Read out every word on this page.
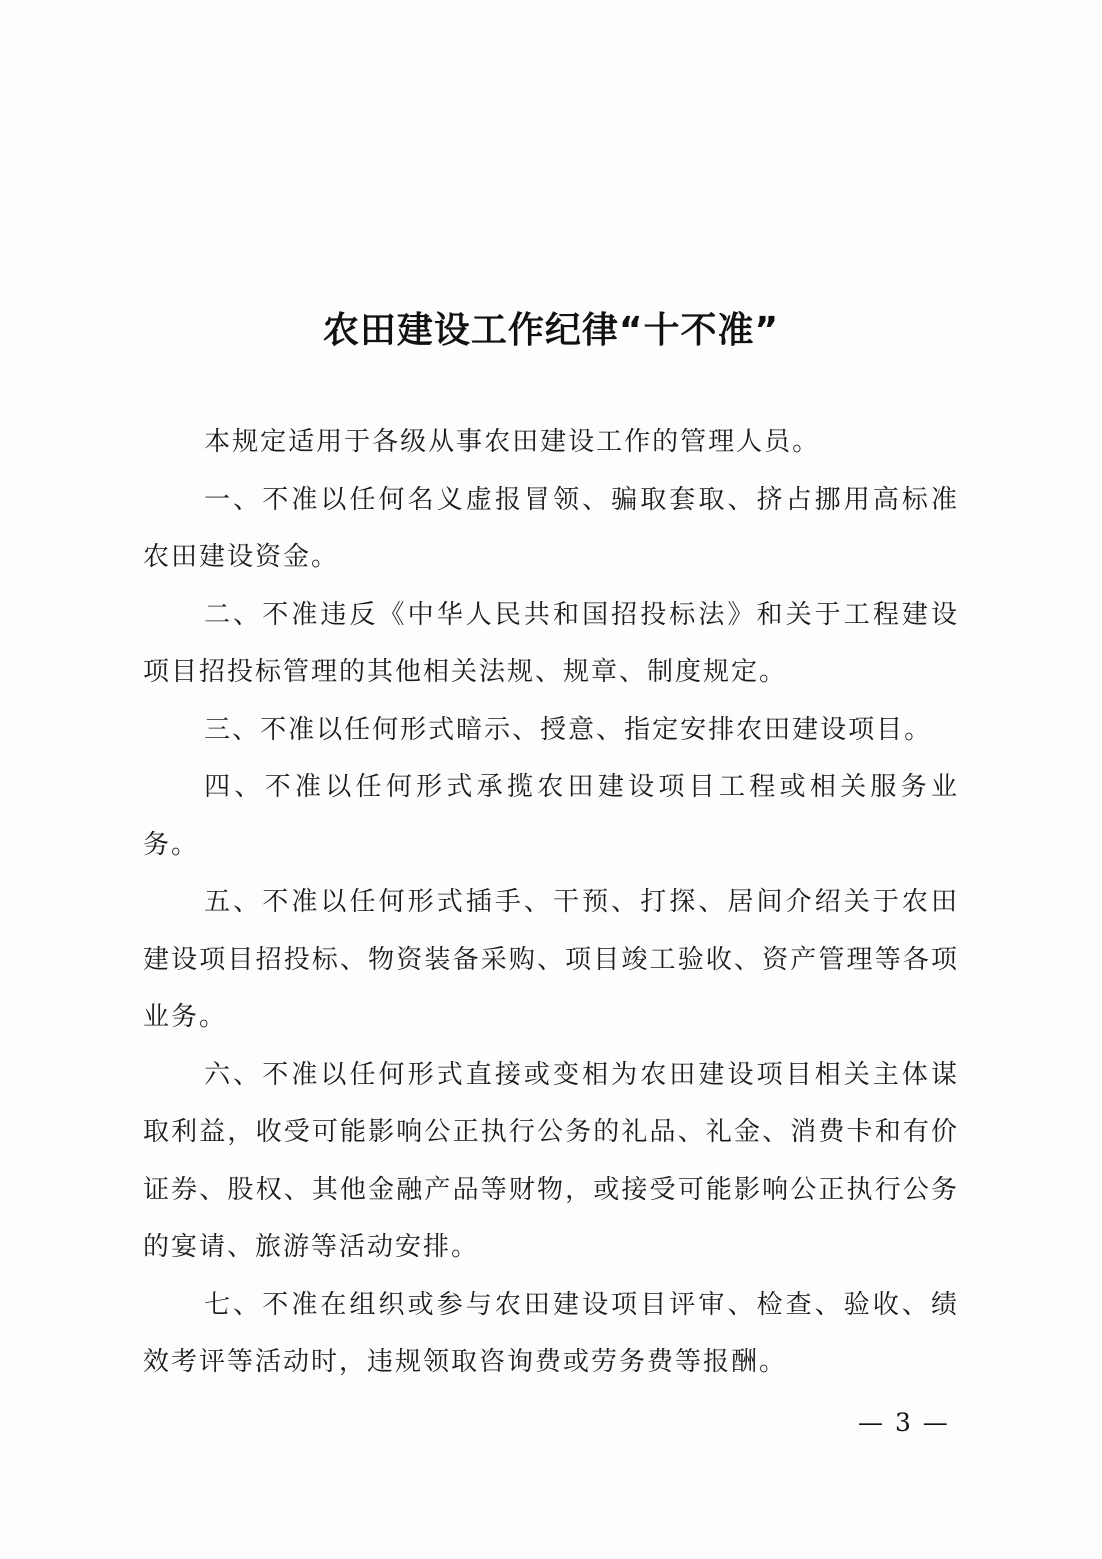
农田建设工作纪律“十不准”

本规定适用于各级从事农田建设工作的管理人员。

一、不准以任何名义虚报冒领、骗取套取、挤占挪用高标准农田建设资金。

二、不准违反《中华人民共和国招投标法》和关于工程建设项目招投标管理的其他相关法规、规章、制度规定。

三、不准以任何形式暗示、授意、指定安排农田建设项目。

四、不准以任何形式承揽农田建设项目工程或相关服务业务。

五、不准以任何形式插手、干预、打探、居间介绍关于农田建设项目招投标、物资装备采购、项目竣工验收、资产管理等各项业务。

六、不准以任何形式直接或变相为农田建设项目相关主体谋取利益，收受可能影响公正执行公务的礼品、礼金、消费卡和有价证券、股权、其他金融产品等财物，或接受可能影响公正执行公务的宴请、旅游等活动安排。

七、不准在组织或参与农田建设项目评审、检查、验收、绩效考评等活动时，违规领取咨询费或劳务费等报酬。

— 3 —
